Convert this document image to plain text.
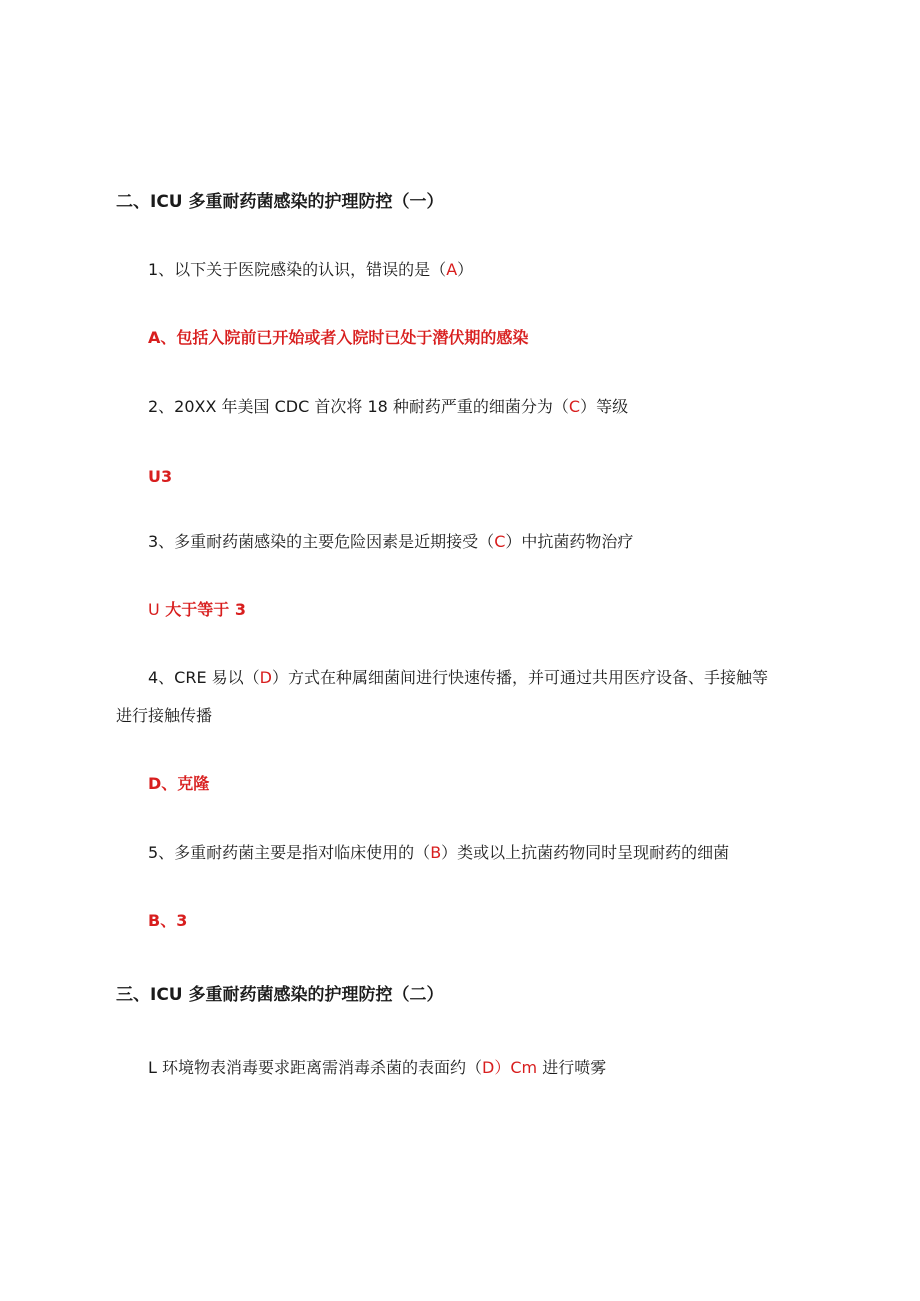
二、ICU 多重耐药菌感染的护理防控（一）
1、以下关于医院感染的认识，错误的是（A）
A、包括入院前已开始或者入院时已处于潜伏期的感染
2、20XX 年美国 CDC 首次将 18 种耐药严重的细菌分为（C）等级
U3
3、多重耐药菌感染的主要危险因素是近期接受（C）中抗菌药物治疗
U 大于等于 3
4、CRE 易以（D）方式在种属细菌间进行快速传播，并可通过共用医疗设备、手接触等
进行接触传播
D、克隆
5、多重耐药菌主要是指对临床使用的（B）类或以上抗菌药物同时呈现耐药的细菌
B、3
三、ICU 多重耐药菌感染的护理防控（二）
L 环境物表消毒要求距离需消毒杀菌的表面约（D）Cm 进行喷雾
